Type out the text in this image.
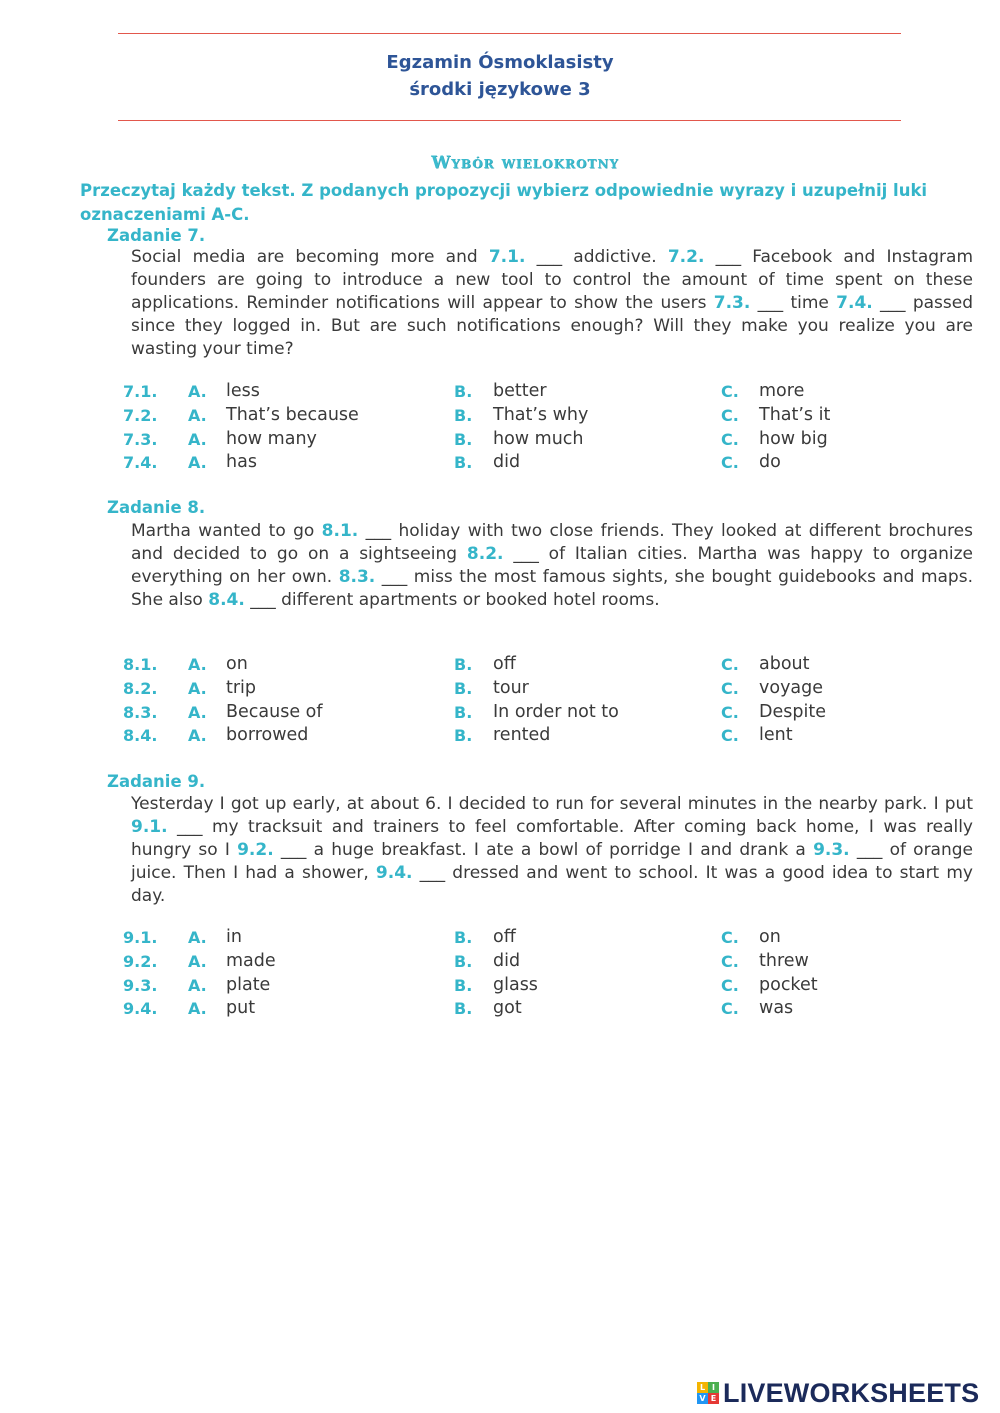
Egzamin Ósmoklasisty
środki językowe 3
Wybór wielokrotny
Przeczytaj każdy tekst. Z podanych propozycji wybierz odpowiednie wyrazy i uzupełnij luki oznaczeniami A-C.
Zadanie 7.
Social media are becoming more and 7.1. ___ addictive. 7.2. ___ Facebook and Instagram founders are going to introduce a new tool to control the amount of time spent on these applications. Reminder notifications will appear to show the users 7.3. ___ time 7.4. ___ passed since they logged in. But are such notifications enough? Will they make you realize you are wasting your time?
7.1. A. less	B. better	C. more
7.2. A. That’s because	B. That’s why	C. That’s it
7.3. A. how many	B. how much	C. how big
7.4. A. has	B. did	C. do
Zadanie 8.
Martha wanted to go 8.1. ___ holiday with two close friends. They looked at different brochures and decided to go on a sightseeing 8.2. ___ of Italian cities. Martha was happy to organize everything on her own. 8.3. ___ miss the most famous sights, she bought guidebooks and maps. She also 8.4. ___ different apartments or booked hotel rooms.
8.1. A. on	B. off	C. about
8.2. A. trip	B. tour	C. voyage
8.3. A. Because of	B. In order not to	C. Despite
8.4. A. borrowed	B. rented	C. lent
Zadanie 9.
Yesterday I got up early, at about 6. I decided to run for several minutes in the nearby park. I put 9.1. ___ my tracksuit and trainers to feel comfortable. After coming back home, I was really hungry so I 9.2. ___ a huge breakfast. I ate a bowl of porridge I and drank a 9.3. ___ of orange juice. Then I had a shower, 9.4. ___ dressed and went to school. It was a good idea to start my day.
9.1. A. in	B. off	C. on
9.2. A. made	B. did	C. threw
9.3. A. plate	B. glass	C. pocket
9.4. A. put	B. got	C. was
L I
V E LIVEWORKSHEETS
